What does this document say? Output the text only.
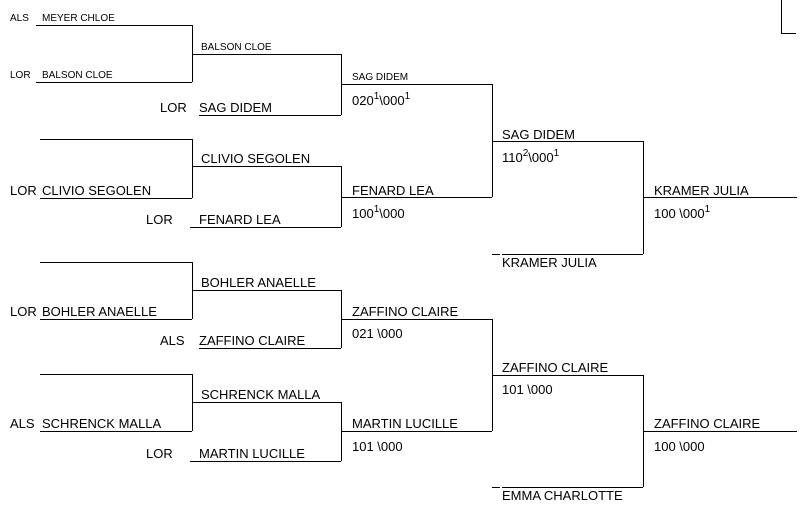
ALS MEYER CHLOE
LOR BALSON CLOE
LOR SAG DIDEM
LOR CLIVIO SEGOLEN
LOR FENARD LEA
LOR BOHLER ANAELLE
ALS ZAFFINO CLAIRE
ALS SCHRENCK MALLA
LOR MARTIN LUCILLE
BALSON CLOE
CLIVIO SEGOLEN
BOHLER ANAELLE
SCHRENCK MALLA
SAG DIDEM
$020^1\backslash 000^1$
FENARD LEA
$100^1\backslash 000$
ZAFFINO CLAIRE
021 \000
MARTIN LUCILLE
101 \000
SAG DIDEM
$110^2\backslash 000^1$
KRAMER JULIA
ZAFFINO CLAIRE
101 \000
EMMA CHARLOTTE
KRAMER JULIA
100 $\backslash 000^1$
ZAFFINO CLAIRE
100 \000
